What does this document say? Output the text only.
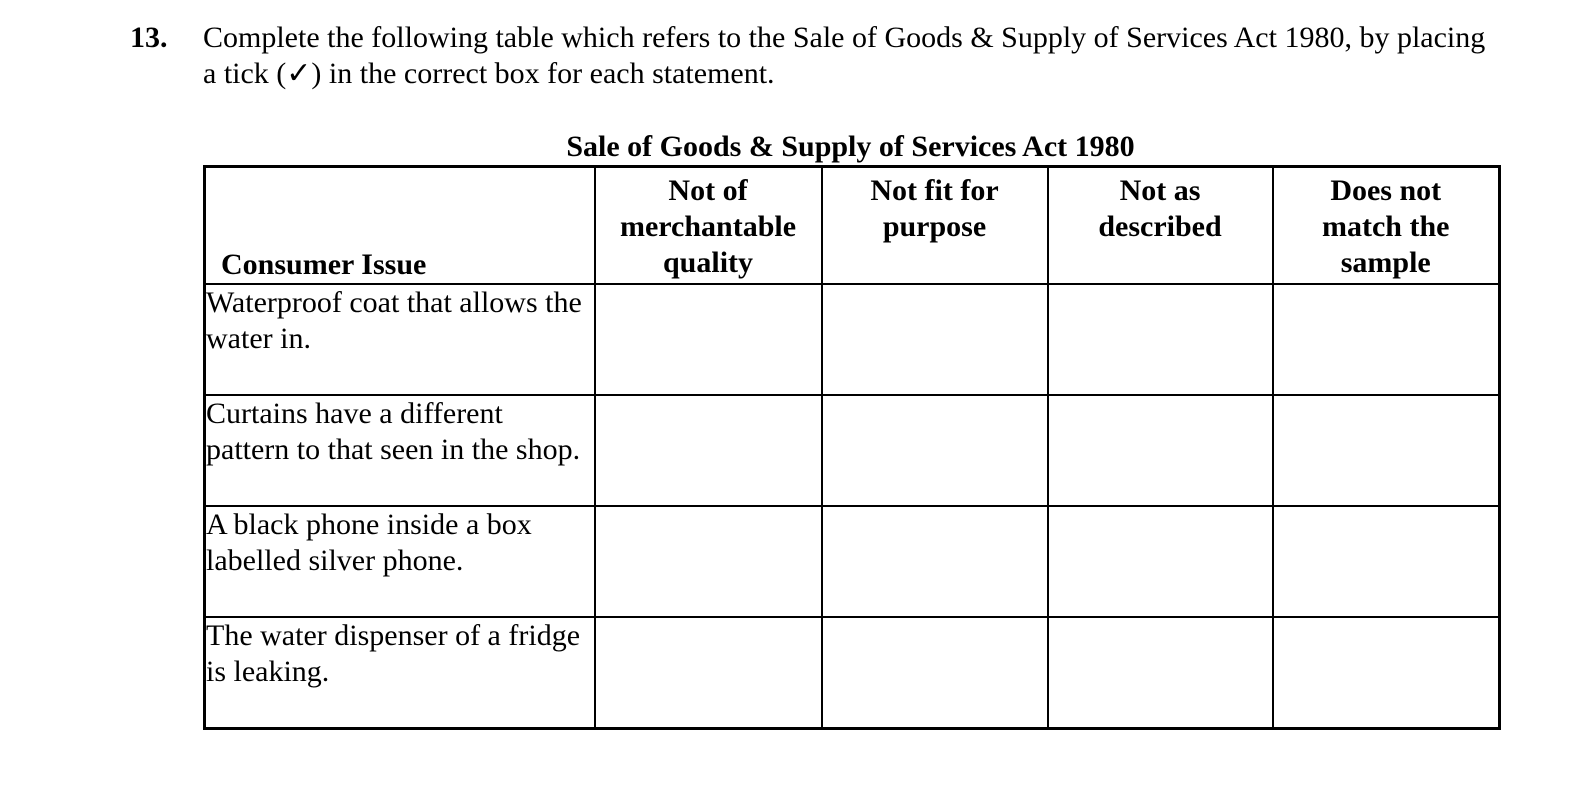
13. Complete the following table which refers to the Sale of Goods & Supply of Services Act 1980, by placing a tick (✓) in the correct box for each statement.
Sale of Goods & Supply of Services Act 1980
Consumer Issue	Not of merchantable quality	Not fit for purpose	Not as described	Does not match the sample
Waterproof coat that allows the water in.				
Curtains have a different pattern to that seen in the shop.				
A black phone inside a box labelled silver phone.				
The water dispenser of a fridge is leaking.				
